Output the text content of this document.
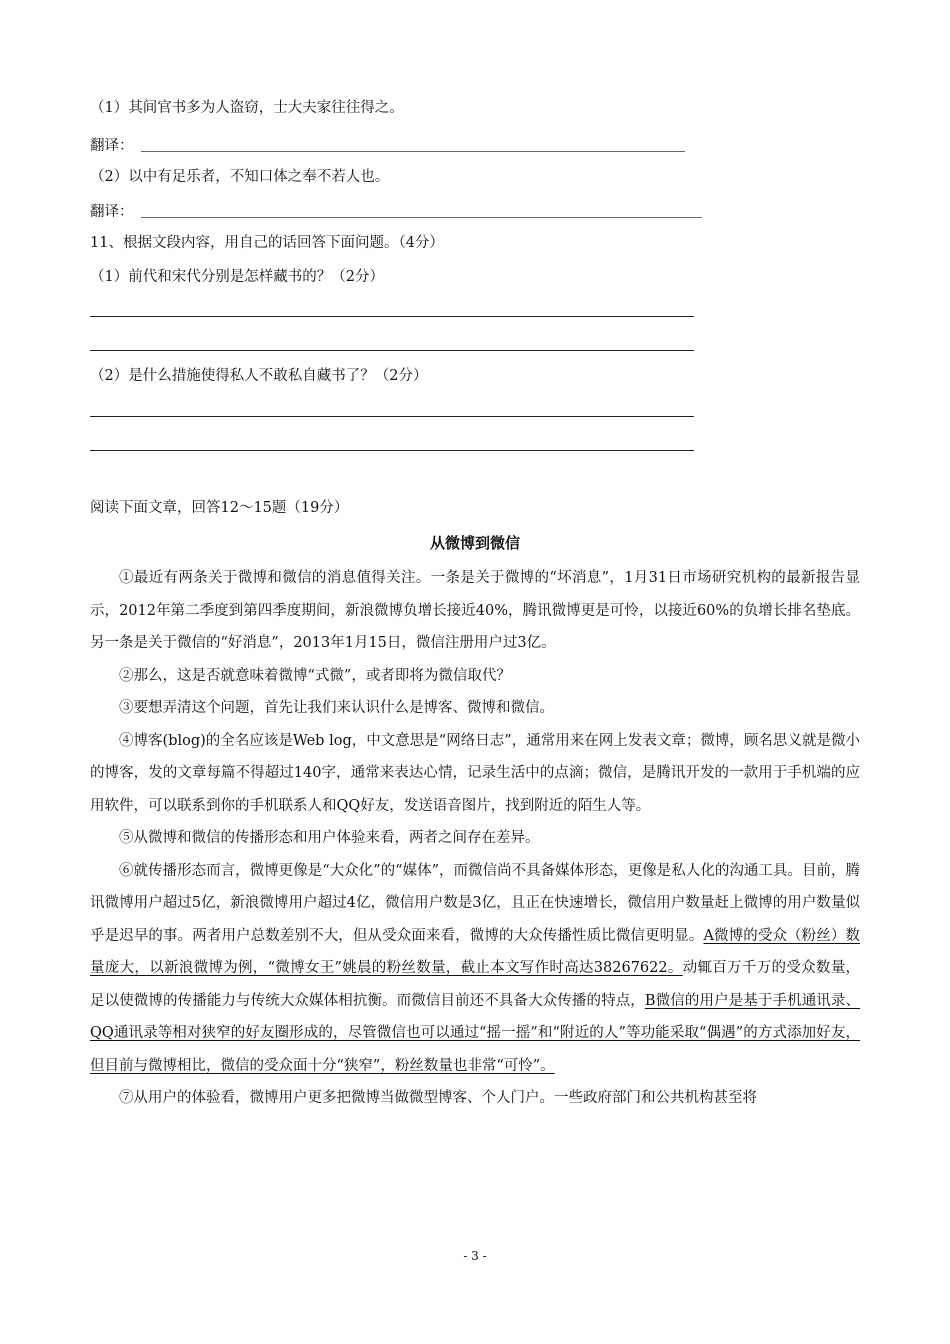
（1）其间官书多为人盗窃，士大夫家往往得之。
翻译：
（2）以中有足乐者，不知口体之奉不若人也。
翻译：
11、根据文段内容，用自己的话回答下面问题。（4分）
（1）前代和宋代分别是怎样藏书的？（2分）
（2）是什么措施使得私人不敢私自藏书了？（2分）
阅读下面文章，回答12～15题（19分）
从微博到微信

①最近有两条关于微博和微信的消息值得关注。一条是关于微博的“坏消息”，1月31日市场研究机构的最新报告显示，2012年第二季度到第四季度期间，新浪微博负增长接近40%，腾讯微博更是可怜，以接近60%的负增长排名垫底。另一条是关于微信的“好消息”，2013年1月15日，微信注册用户过3亿。

②那么，这是否就意味着微博“式微”，或者即将为微信取代？

③要想弄清这个问题，首先让我们来认识什么是博客、微博和微信。

④博客(blog)的全名应该是Web log，中文意思是“网络日志”，通常用来在网上发表文章；微博，顾名思义就是微小的博客，发的文章每篇不得超过140字，通常来表达心情，记录生活中的点滴；微信，是腾讯开发的一款用于手机端的应用软件，可以联系到你的手机联系人和QQ好友，发送语音图片，找到附近的陌生人等。

⑤从微博和微信的传播形态和用户体验来看，两者之间存在差异。

⑥就传播形态而言，微博更像是“大众化”的“媒体”，而微信尚不具备媒体形态，更像是私人化的沟通工具。目前，腾讯微博用户超过5亿，新浪微博用户超过4亿，微信用户数是3亿，且正在快速增长，微信用户数量赶上微博的用户数量似乎是迟早的事。两者用户总数差别不大，但从受众面来看，微博的大众传播性质比微信更明显。A微博的受众（粉丝）数量庞大，以新浪微博为例，“微博女王”姚晨的粉丝数量，截止本文写作时高达38267622。动辄百万千万的受众数量，足以使微博的传播能力与传统大众媒体相抗衡。而微信目前还不具备大众传播的特点，B微信的用户是基于手机通讯录、QQ通讯录等相对狭窄的好友圈形成的，尽管微信也可以通过“摇一摇”和“附近的人”等功能采取“偶遇”的方式添加好友，但目前与微博相比，微信的受众面十分“狭窄”，粉丝数量也非常“可怜”。

⑦从用户的体验看，微博用户更多把微博当做微型博客、个人门户。一些政府部门和公共机构甚至将

- 3 -
